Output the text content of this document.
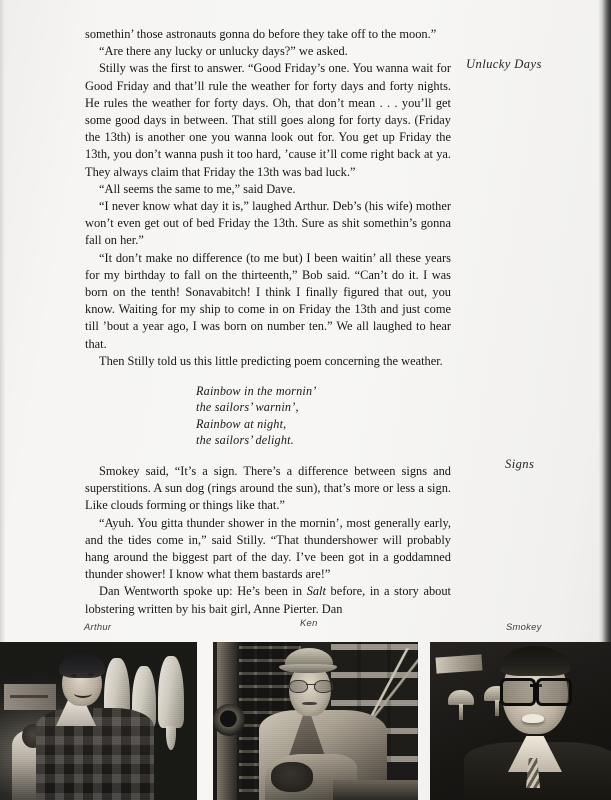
somethin’ those astronauts gonna do before they take off to the moon.”

“Are there any lucky or unlucky days?” we asked.

Stilly was the first to answer. “Good Friday’s one. You wanna wait for Good Friday and that’ll rule the weather for forty days and forty nights. He rules the weather for forty days. Oh, that don’t mean . . . you’ll get some good days in between. That still goes along for forty days. (Friday the 13th) is another one you wanna look out for. You get up Friday the 13th, you don’t wanna push it too hard, ’cause it’ll come right back at ya. They always claim that Friday the 13th was bad luck.”

“All seems the same to me,” said Dave.

“I never know what day it is,” laughed Arthur. Deb’s (his wife) mother won’t even get out of bed Friday the 13th. Sure as shit somethin’s gonna fall on her.”

“It don’t make no difference (to me but) I been waitin’ all these years for my birthday to fall on the thirteenth,” Bob said. “Can’t do it. I was born on the tenth! Sonavabitch! I think I finally figured that out, you know. Waiting for my ship to come in on Friday the 13th and just come till ’bout a year ago, I was born on number ten.” We all laughed to hear that.

Then Stilly told us this little predicting poem concerning the weather.

Rainbow in the mornin’
the sailors’ warnin’,
Rainbow at night,
the sailors’ delight.

Smokey said, “It’s a sign. There’s a difference between signs and superstitions. A sun dog (rings around the sun), that’s more or less a sign. Like clouds forming or things like that.”

“Ayuh. You gitta thunder shower in the mornin’, most generally early, and the tides come in,” said Stilly. “That thundershower will probably hang around the biggest part of the day. I’ve been got in a goddamned thunder shower! I know what them bastards are!”

Dan Wentworth spoke up: He’s been in Salt before, in a story about lobstering written by his bait girl, Anne Pierter. Dan

Unlucky Days
Signs
Arthur	Ken	Smokey
